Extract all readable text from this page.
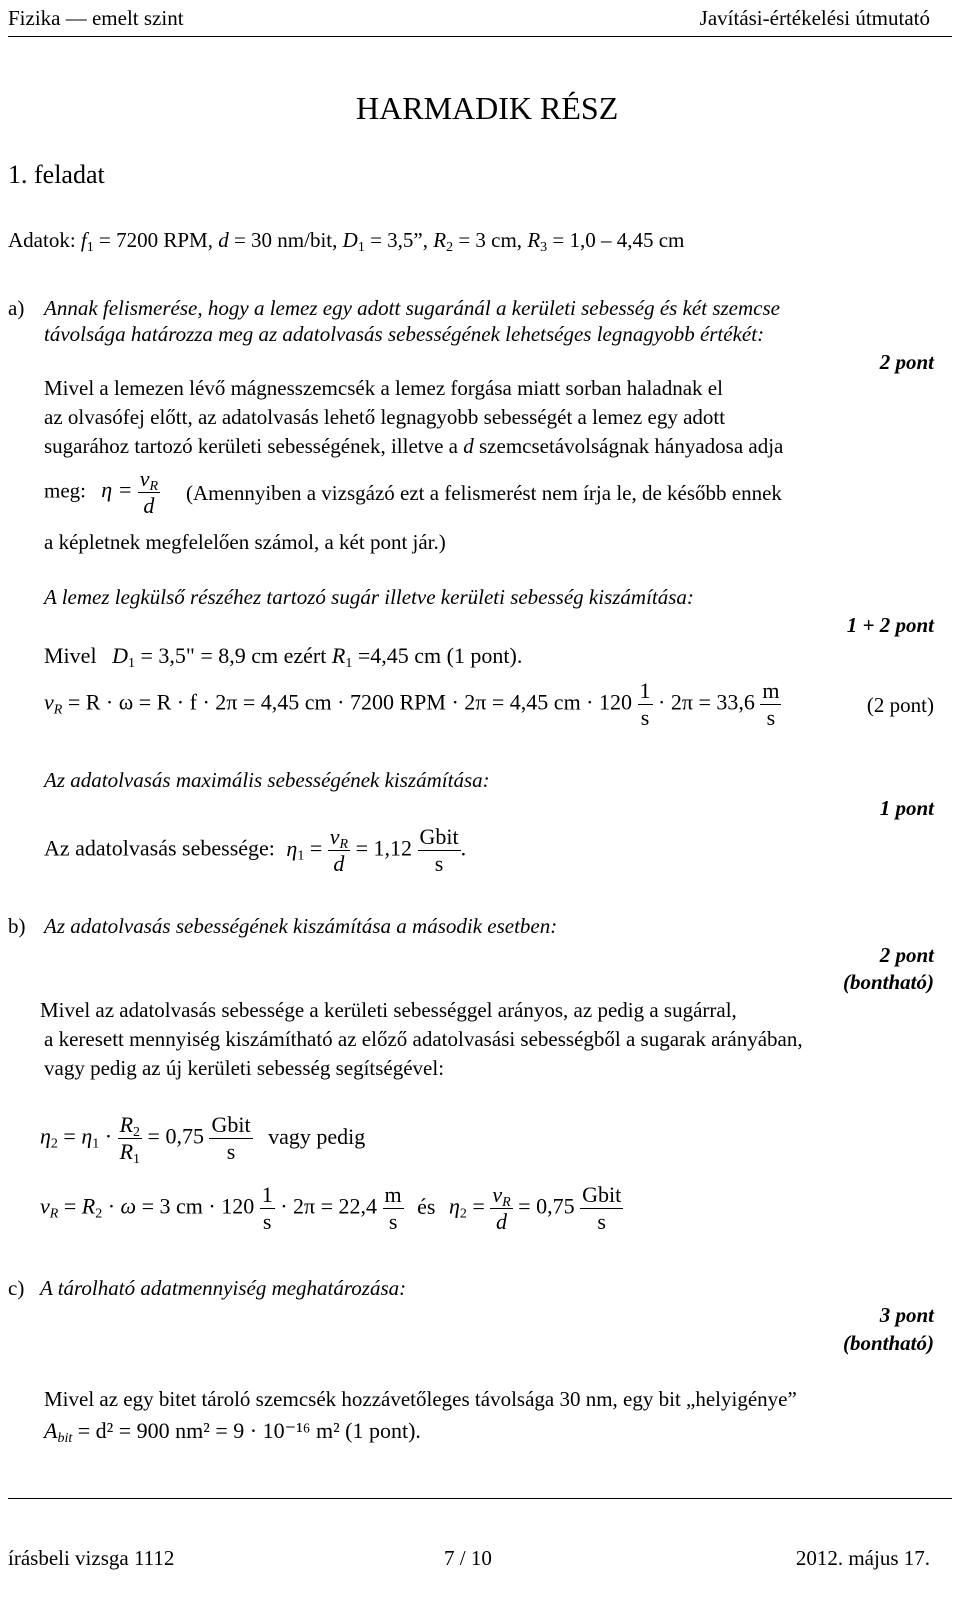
Fizika — emelt szint	Javítási-értékelési útmutató
HARMADIK RÉSZ
1. feladat
Adatok: $f_1 = 7200$ RPM, d = 30 nm/bit, $D_1 = 3,5$”, $R_2 = 3$ cm, $R_3 = 1,0 - 4,45$ cm
a) Annak felismerése, hogy a lemez egy adott sugaránál a kerületi sebesség és két szemcse
távolsága határozza meg az adatolvasás sebességének lehetséges legnagyobb értékét:
2 pont
Mivel a lemezen lévő mágnesszemcsék a lemez forgása miatt sorban haladnak el
az olvasófej előtt, az adatolvasás lehető legnagyobb sebességét a lemez egy adott
sugarához tartozó kerületi sebességének, illetve a d szemcsetávolságnak hányadosa adja
meg: $\eta = \frac{v_R}{d}$ (Amennyiben a vizsgázó ezt a felismerést nem írja le, de később ennek
a képletnek megfelelően számol, a két pont jár.)
A lemez legkülső részéhez tartozó sugár illetve kerületi sebesség kiszámítása:
1 + 2 pont
Mivel $D_1 = 3,5$" = 8,9 cm ezért $R_1 =4,45$ cm (1 pont).
$v_R = R \cdot \omega = R \cdot f \cdot 2\pi = 4,45$ cm · 7200 RPM · 2π = 4,45 cm · $120 \frac{1}{s} \cdot 2\pi = 33,6 \frac{m}{s}$	(2 pont)
Az adatolvasás maximális sebességének kiszámítása:
1 pont
Az adatolvasás sebessége: $\eta_1 = \frac{v_R}{d} = 1,12 \frac{\text{Gbit}}{s}$ .
b) Az adatolvasás sebességének kiszámítása a második esetben:
2 pont
(bontható)
Mivel az adatolvasás sebessége a kerületi sebességgel arányos, az pedig a sugárral,
a keresett mennyiség kiszámítható az előző adatolvasási sebességből a sugarak arányában,
vagy pedig az új kerületi sebesség segítségével:
$\eta_2 = \eta_1 \cdot \frac{R_2}{R_1} = 0,75 \frac{\text{Gbit}}{s}$ vagy pedig
$v_R = R_2 \cdot \omega = 3$ cm · $120 \frac{1}{s} \cdot 2\pi = 22,4 \frac{m}{s}$ és $\eta_2 = \frac{v_R}{d} = 0,75 \frac{\text{Gbit}}{s}$
c) A tárolható adatmennyiség meghatározása:
3 pont
(bontható)
Mivel az egy bitet tároló szemcsék hozzávetőleges távolsága 30 nm, egy bit „helyigénye”
$A_{bit} = d^2 = 900$ nm² = 9 · 10⁻¹⁶ m² (1 pont).
írásbeli vizsga 1112	7 / 10	2012. május 17.
